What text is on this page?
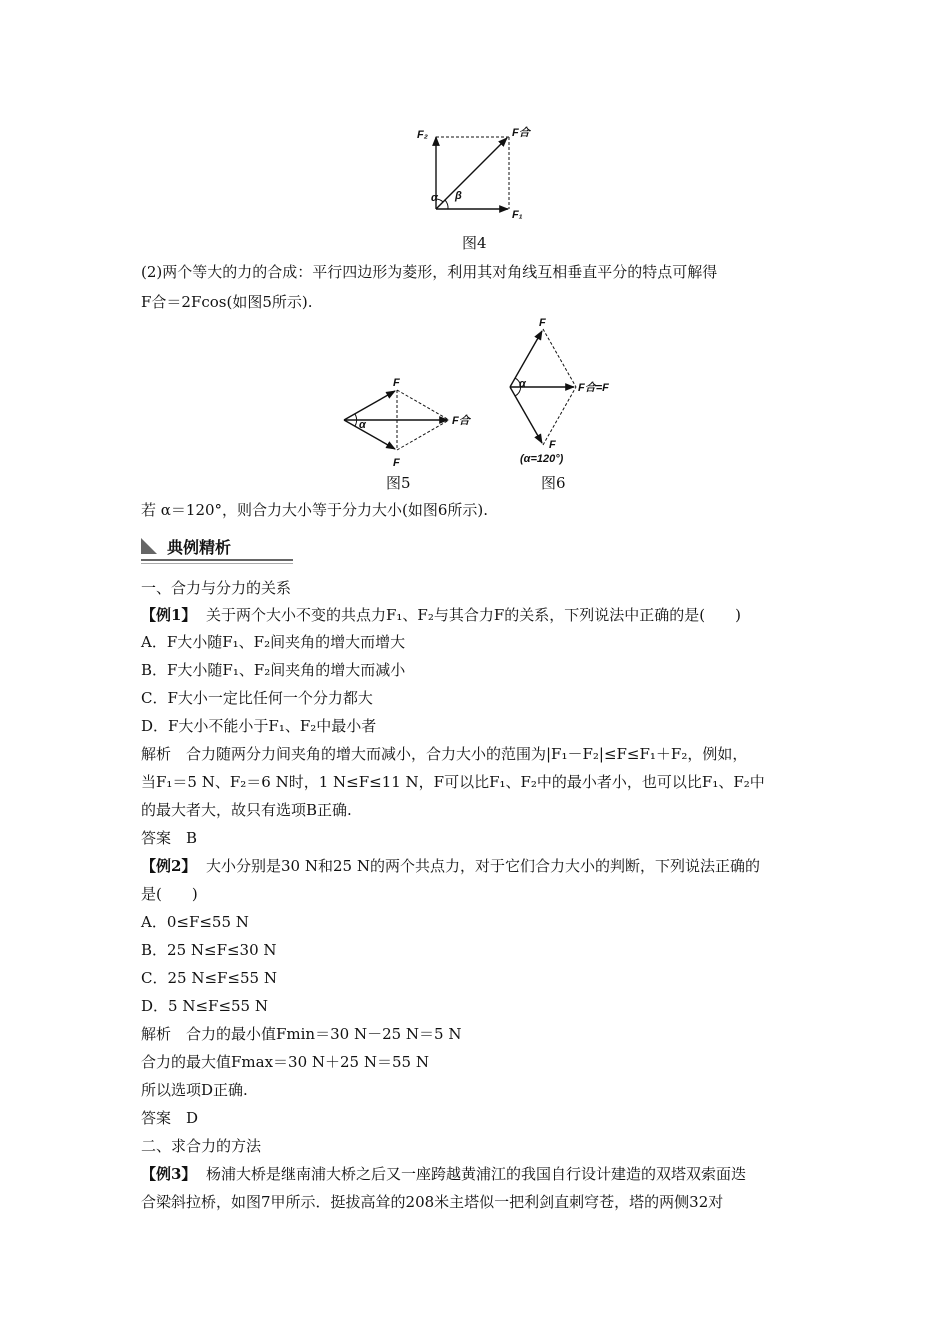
F₂	F合
α β
F₁
图4
(2)两个等大的力的合成：平行四边形为菱形，利用其对角线互相垂直平分的特点可解得
F合＝2Fcos(如图5所示).
F
F
α	F合
图5
F
α	F合=F
F
(α=120°)
图6
若 α＝120°，则合力大小等于分力大小(如图6所示).
典例精析
一、合力与分力的关系
【例1】 关于两个大小不变的共点力F₁、F₂与其合力F的关系，下列说法中正确的是(　　)
A．F大小随F₁、F₂间夹角的增大而增大
B．F大小随F₁、F₂间夹角的增大而减小
C．F大小一定比任何一个分力都大
D．F大小不能小于F₁、F₂中最小者
解析　合力随两分力间夹角的增大而减小，合力大小的范围为|F₁－F₂|≤F≤F₁＋F₂，例如，
当F₁＝5 N、F₂＝6 N时，1 N≤F≤11 N，F可以比F₁、F₂中的最小者小，也可以比F₁、F₂中
的最大者大，故只有选项B正确.
答案　B
【例2】 大小分别是30 N和25 N的两个共点力，对于它们合力大小的判断，下列说法正确的
是(　　)
A．0≤F≤55 N
B．25 N≤F≤30 N
C．25 N≤F≤55 N
D．5 N≤F≤55 N
解析　合力的最小值Fmin＝30 N－25 N＝5 N
合力的最大值Fmax＝30 N＋25 N＝55 N
所以选项D正确.
答案　D
二、求合力的方法
【例3】 杨浦大桥是继南浦大桥之后又一座跨越黄浦江的我国自行设计建造的双塔双索面迭
合梁斜拉桥，如图7甲所示．挺拔高耸的208米主塔似一把利剑直刺穹苍，塔的两侧32对
